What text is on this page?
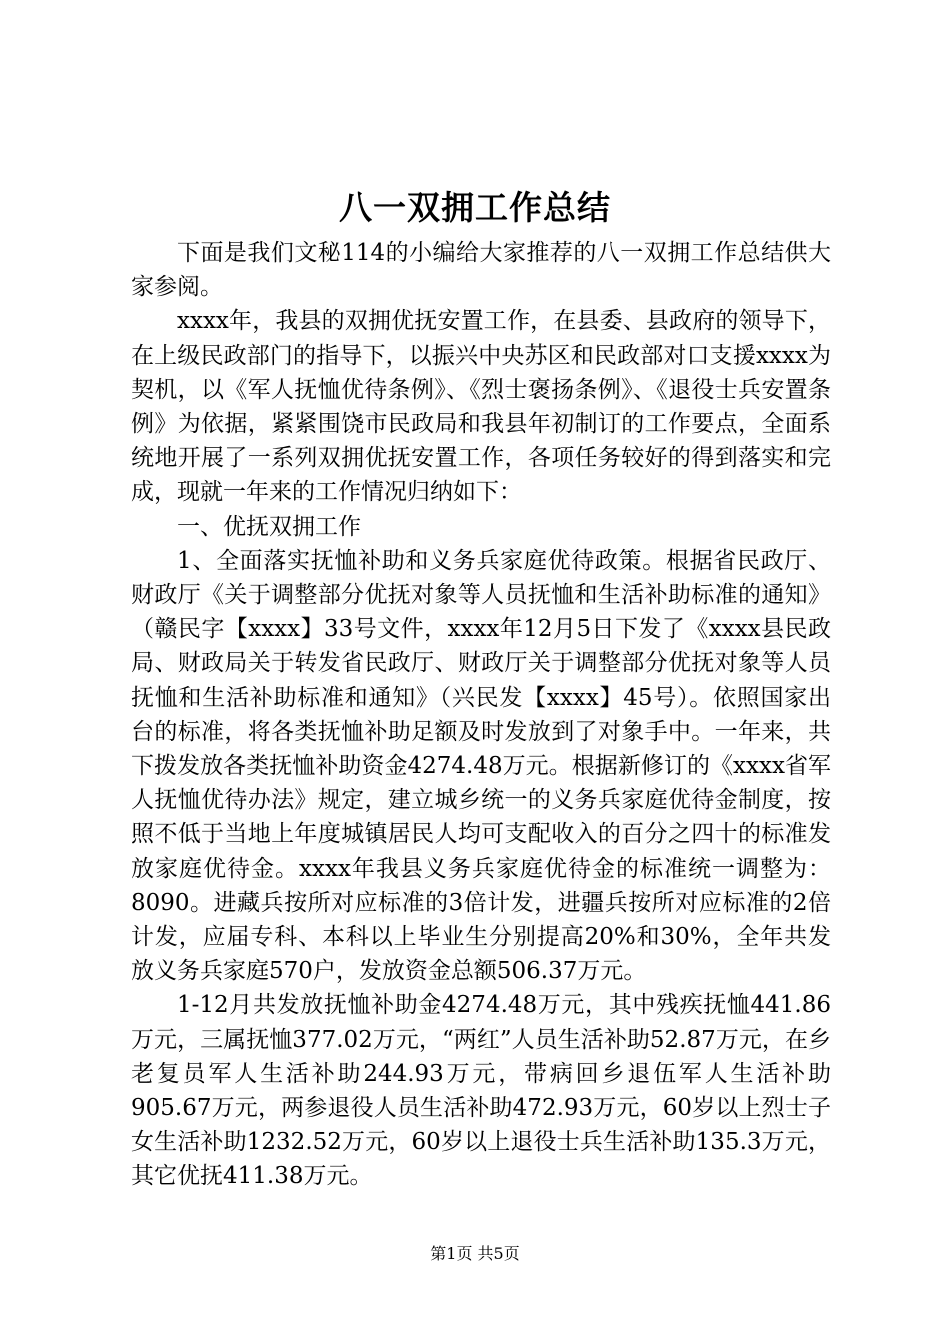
八一双拥工作总结

下面是我们文秘114的小编给大家推荐的八一双拥工作总结供大家参阅。

xxxx年，我县的双拥优抚安置工作，在县委、县政府的领导下，在上级民政部门的指导下，以振兴中央苏区和民政部对口支援xxxx为契机，以《军人抚恤优待条例》、《烈士褒扬条例》、《退役士兵安置条例》为依据，紧紧围饶市民政局和我县年初制订的工作要点，全面系统地开展了一系列双拥优抚安置工作，各项任务较好的得到落实和完成，现就一年来的工作情况归纳如下：

一、优抚双拥工作

1、全面落实抚恤补助和义务兵家庭优待政策。根据省民政厅、财政厅《关于调整部分优抚对象等人员抚恤和生活补助标准的通知》（赣民字【xxxx】33号文件，xxxx年12月5日下发了《xxxx县民政局、财政局关于转发省民政厅、财政厅关于调整部分优抚对象等人员抚恤和生活补助标准和通知》（兴民发【xxxx】45号）。依照国家出台的标准，将各类抚恤补助足额及时发放到了对象手中。一年来，共下拨发放各类抚恤补助资金4274.48万元。根据新修订的《xxxx省军人抚恤优待办法》规定，建立城乡统一的义务兵家庭优待金制度，按照不低于当地上年度城镇居民人均可支配收入的百分之四十的标准发放家庭优待金。xxxx年我县义务兵家庭优待金的标准统一调整为：8090。进藏兵按所对应标准的3倍计发，进疆兵按所对应标准的2倍计发，应届专科、本科以上毕业生分别提高20%和30%，全年共发放义务兵家庭570户，发放资金总额506.37万元。

1-12月共发放抚恤补助金4274.48万元，其中残疾抚恤441.86万元，三属抚恤377.02万元，“两红”人员生活补助52.87万元，在乡老复员军人生活补助244.93万元，带病回乡退伍军人生活补助905.67万元，两参退役人员生活补助472.93万元，60岁以上烈士子女生活补助1232.52万元，60岁以上退役士兵生活补助135.3万元，其它优抚411.38万元。

第1页 共5页
